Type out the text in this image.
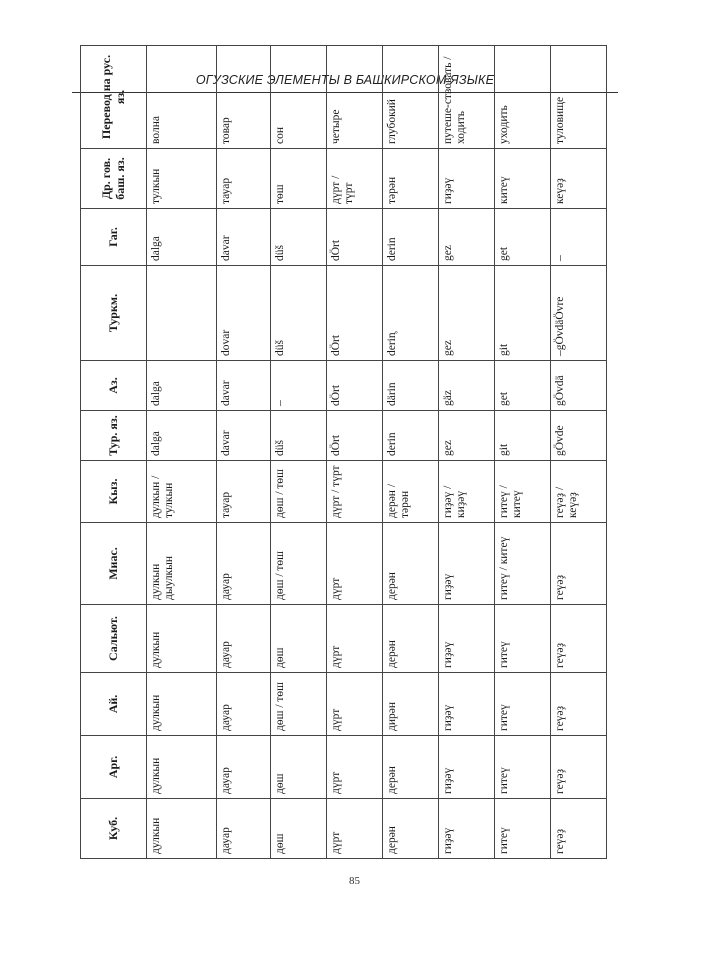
ОГУЗСКИЕ ЭЛЕМЕНТЫ В БАШКИРСКОМ ЯЗЫКЕ
Куб.	Арг.	Ай.	Сальют.	Миас.	Кыз.	Тур. яз.	Аз.	Туркм.	Гаг.	Др. гов. баш. яз.	Перевод на рус. яз.
дулкын	дулкын	дулкын	дулкын	дулкын дыулкын	дулкын / тулкын	dalga	dalga		dalga	тулкын	волна
дауар	дауар	дауар	дауар	дауар	тауар	davar	davar	dovar	davar	тауар	товар
дөш	дөш	дөш / төш	дөш	дөш / төш	дөш / төш	düš	–	düš	düš	төш	сон
дүрт	дүрт	дүрт	дүрт	дүрт	дүрт / түрт	dÖrt	dÖrt	dÖrt	dÖrt	дүрт / түрт	четыре
дерән	дерән	дирән	дерән	дерән	дерән / тәрән	derin	därin	derin̥	derin	тәрән	глубокий
гиҙәү	гиҙәү	гиҙәү	гиҙәү	гиҙәү	гиҙәү / киҙәү	gez	gäz	gez	gez	гиҙәү	путеше-ствовать / ходить
гитеү	гитеү	гитеү	гитеү	гитеү / китеү	гитеү / китеү	git	get	git	get	китеү	уходить
геүәҙ	геүәҙ	геүәҙ	геүәҙ	геүәҙ	геүәҙ / кеүәҙ	gÖvde	gÖvdä	–gÖvdäÖvre	–	кеүәҙ	туловище
85
